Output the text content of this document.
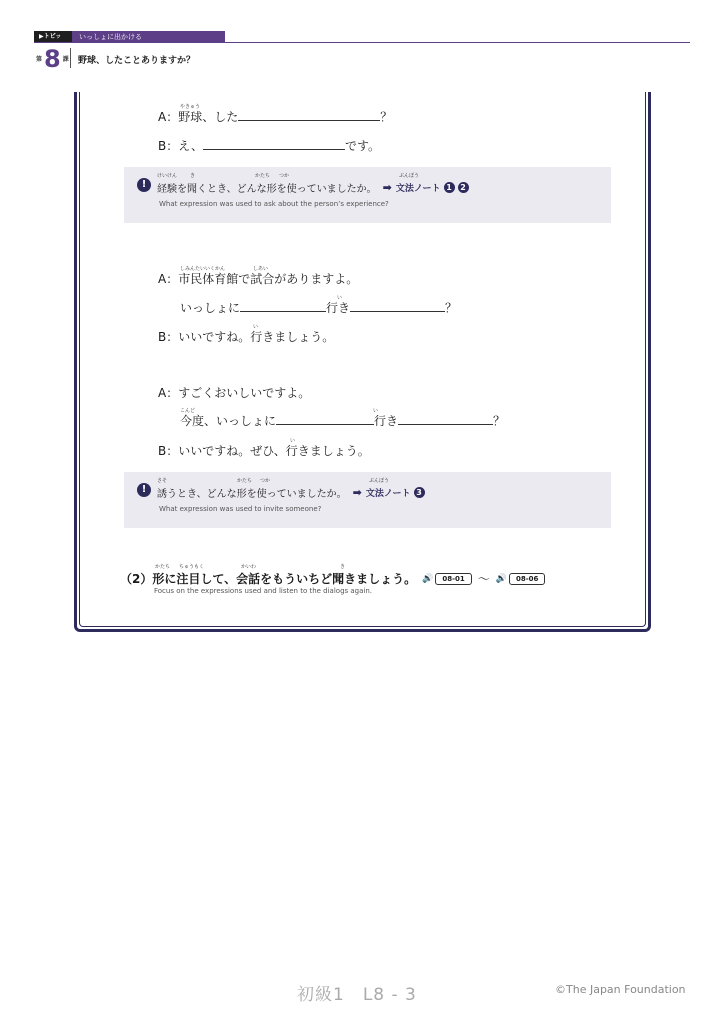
▶トピック
いっしょに出かける
第 8 課 野球、したことありますか？
やきゅう
A：野球、した	？
B：え、	です。
けいけん	き	かたち つか	ぶんぽう
!	経験を聞くとき、どんな形を使っていましたか。 ➡ 文法ノート 1	2
What expression was used to ask about the person’s experience?
しみんたいいくかん	しあい
A：市民体育館で試合がありますよ。
い
いっしょに	行き	？
い
B：いいですね。行きましょう。
A：すごくおいしいですよ。
こんど	い
今度、いっしょに	行き	？
い
B：いいですね。ぜひ、行きましょう。
さそ	かたち つか	ぶんぽう
!	誘うとき、どんな形を使っていましたか。 ➡ 文法ノート 3
What expression was used to invite someone?
かたち ちゅうもく	かいわ	き
（2） 形に注目して、会話をもういちど聞きましょう。 🔊	08-01	〜 🔊	08-06
Focus on the expressions used and listen to the dialogs again.
初級1　L8 - 3	©The Japan Foundation
